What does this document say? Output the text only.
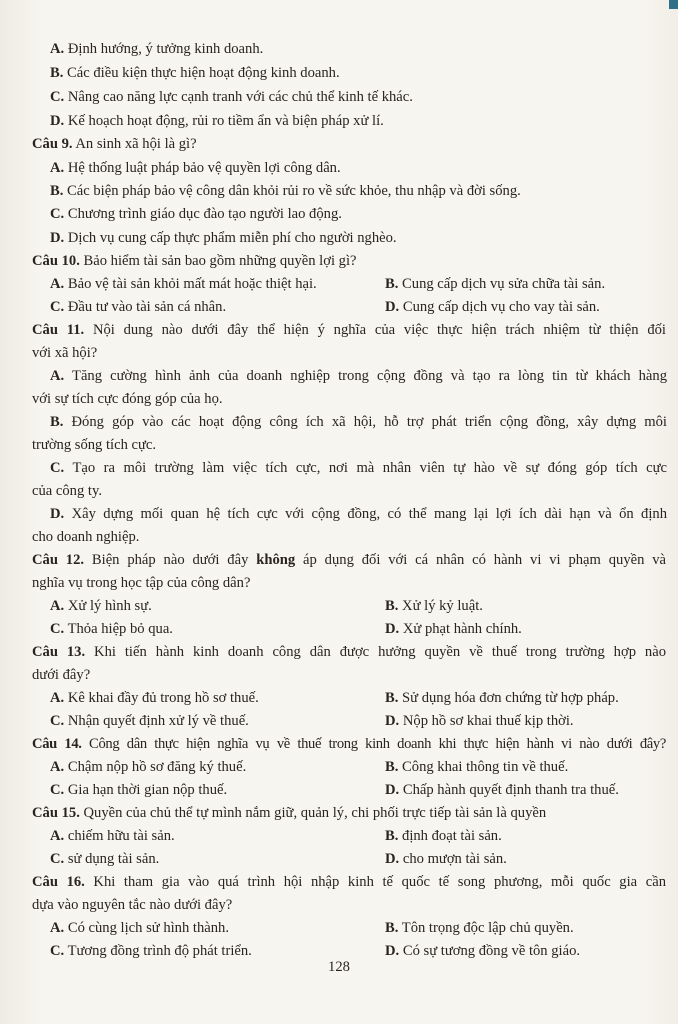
A. Định hướng, ý tưởng kinh doanh.
B. Các điều kiện thực hiện hoạt động kinh doanh.
C. Nâng cao năng lực cạnh tranh với các chủ thể kinh tế khác.
D. Kế hoạch hoạt động, rủi ro tiềm ẩn và biện pháp xử lí.
Câu 9. An sinh xã hội là gì?
A. Hệ thống luật pháp bảo vệ quyền lợi công dân.
B. Các biện pháp bảo vệ công dân khỏi rủi ro về sức khỏe, thu nhập và đời sống.
C. Chương trình giáo dục đào tạo người lao động.
D. Dịch vụ cung cấp thực phẩm miễn phí cho người nghèo.
Câu 10. Bảo hiểm tài sản bao gồm những quyền lợi gì?
A. Bảo vệ tài sản khỏi mất mát hoặc thiệt hại.	B. Cung cấp dịch vụ sửa chữa tài sản.
C. Đầu tư vào tài sản cá nhân.	D. Cung cấp dịch vụ cho vay tài sản.
Câu 11. Nội dung nào dưới đây thể hiện ý nghĩa của việc thực hiện trách nhiệm từ thiện đối
với xã hội?
A. Tăng cường hình ảnh của doanh nghiệp trong cộng đồng và tạo ra lòng tin từ khách hàng
với sự tích cực đóng góp của họ.
B. Đóng góp vào các hoạt động công ích xã hội, hỗ trợ phát triển cộng đồng, xây dựng môi
trường sống tích cực.
C. Tạo ra môi trường làm việc tích cực, nơi mà nhân viên tự hào về sự đóng góp tích cực
của công ty.
D. Xây dựng mối quan hệ tích cực với cộng đồng, có thể mang lại lợi ích dài hạn và ổn định
cho doanh nghiệp.
Câu 12. Biện pháp nào dưới đây không áp dụng đối với cá nhân có hành vi vi phạm quyền và
nghĩa vụ trong học tập của công dân?
A. Xử lý hình sự.	B. Xử lý kỷ luật.
C. Thỏa hiệp bỏ qua.	D. Xử phạt hành chính.
Câu 13. Khi tiến hành kinh doanh công dân được hưởng quyền về thuế trong trường hợp nào
dưới đây?
A. Kê khai đầy đủ trong hồ sơ thuế.	B. Sử dụng hóa đơn chứng từ hợp pháp.
C. Nhận quyết định xử lý về thuế.	D. Nộp hồ sơ khai thuế kịp thời.
Câu 14. Công dân thực hiện nghĩa vụ về thuế trong kinh doanh khi thực hiện hành vi nào dưới đây?
A. Chậm nộp hồ sơ đăng ký thuế.	B. Công khai thông tin về thuế.
C. Gia hạn thời gian nộp thuế.	D. Chấp hành quyết định thanh tra thuế.
Câu 15. Quyền của chủ thể tự mình nắm giữ, quản lý, chi phối trực tiếp tài sản là quyền
A. chiếm hữu tài sản.	B. định đoạt tài sản.
C. sử dụng tài sản.	D. cho mượn tài sản.
Câu 16. Khi tham gia vào quá trình hội nhập kinh tế quốc tế song phương, mỗi quốc gia cần
dựa vào nguyên tắc nào dưới đây?
A. Có cùng lịch sử hình thành.	B. Tôn trọng độc lập chủ quyền.
C. Tương đồng trình độ phát triển.	D. Có sự tương đồng về tôn giáo.
128
